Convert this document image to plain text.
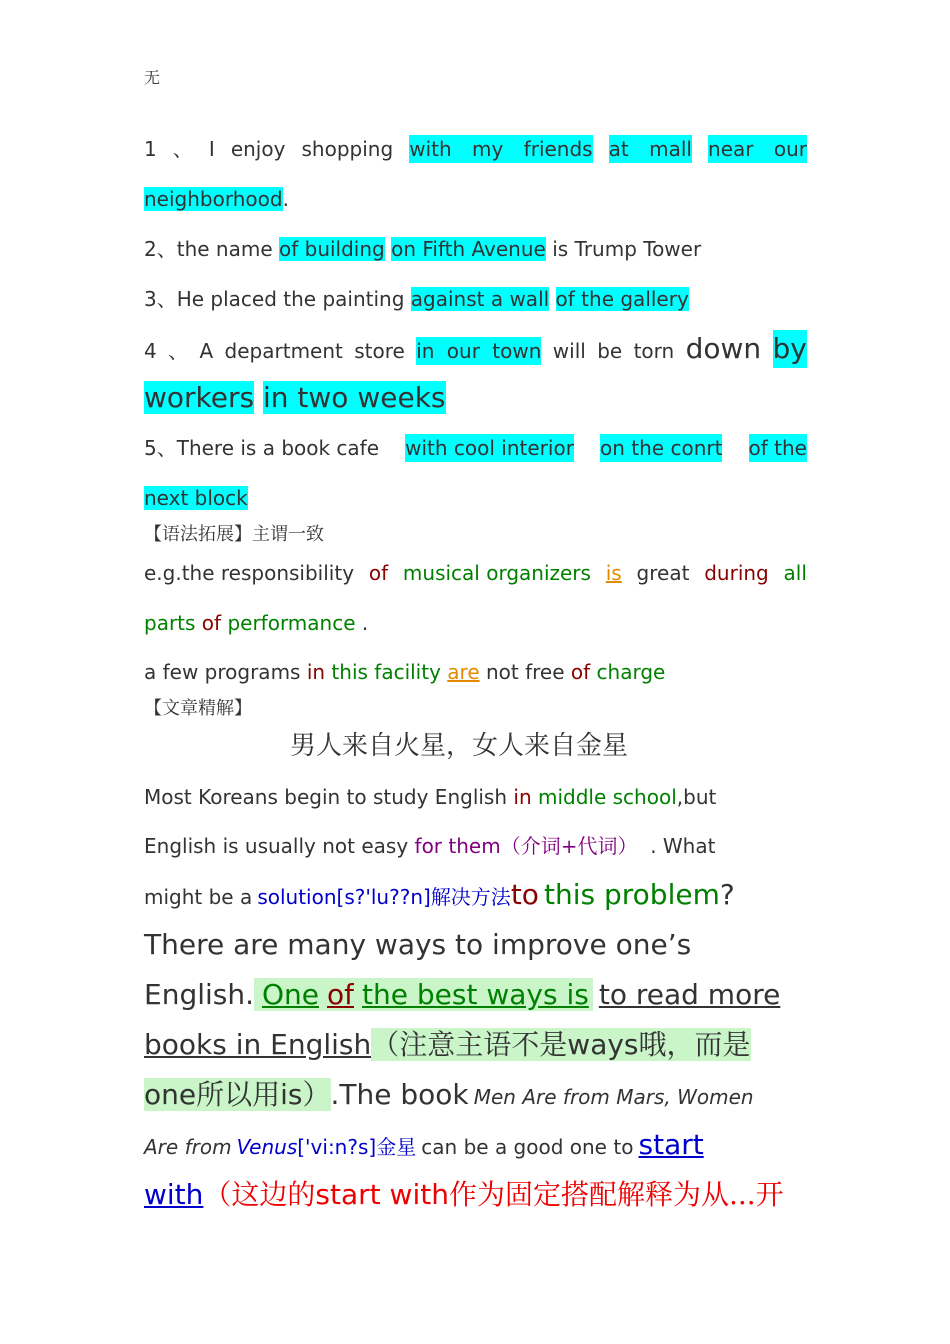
无
1 、 I enjoy shopping with my friends at mall near our
neighborhood.
2、the name of building on Fifth Avenue is Trump Tower
3、He placed the painting against a wall of the gallery
4 、 A department store in our town will be torn down by
workers in two weeks
5、There is a book cafe with cool interior on the conrt of the
next block
【语法拓展】主谓一致
e.g.the responsibility of musical organizers is great during all
parts of performance .
a few programs in this facility are not free of charge
【文章精解】
男人来自火星，女人来自金星
Most Koreans begin to study English in middle school,but
English is usually not easy for them（介词+代词） . What
might be a solution[s?'lu??n]解决方法to this problem?
There are many ways to improve one’s
English. One of the best ways is to read more
books in English（注意主语不是ways哦，而是
one所以用is）.The book Men Are from Mars, Women
Are from Venus['vi:n?s]金星 can be a good one to start
with（这边的start with作为固定搭配解释为从...开
